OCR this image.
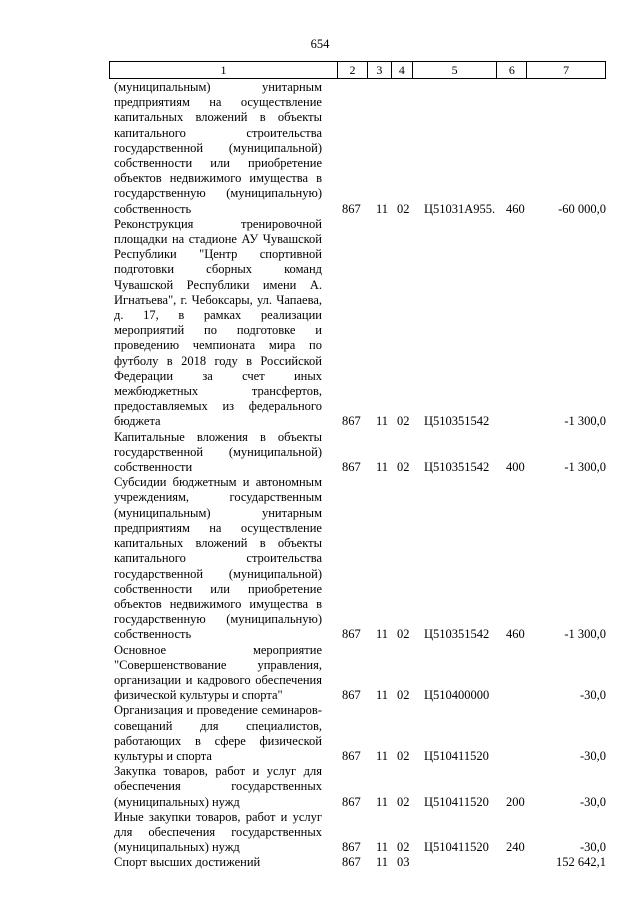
654
1	2	3	4	5	6	7
(муниципальным) унитарным предприятиям на осуществление капитальных вложений в объекты капитального строительства государственной (муниципальной) собственности или приобретение объектов недвижимого имущества в государственную (муниципальную) собственность	867 11 02 Ц51031A955. 460	-60 000,0
Реконструкция тренировочной площадки на стадионе АУ Чувашской Республики "Центр спортивной подготовки сборных команд Чувашской Республики имени А. Игнатьева", г. Чебоксары, ул. Чапаева, д. 17, в рамках реализации мероприятий по подготовке и проведению чемпионата мира по футболу в 2018 году в Российской Федерации за счет иных межбюджетных трансфертов, предоставляемых из федерального бюджета	867 11 02 Ц510351542	-1 300,0
Капитальные вложения в объекты государственной (муниципальной) собственности	867 11 02 Ц510351542 400	-1 300,0
Субсидии бюджетным и автономным учреждениям, государственным (муниципальным) унитарным предприятиям на осуществление капитальных вложений в объекты капитального строительства государственной (муниципальной) собственности или приобретение объектов недвижимого имущества в государственную (муниципальную) собственность	867 11 02 Ц510351542 460	-1 300,0
Основное мероприятие "Совершенствование управления, организации и кадрового обеспечения физической культуры и спорта"	867 11 02 Ц510400000	-30,0
Организация и проведение семинаров-совещаний для специалистов, работающих в сфере физической культуры и спорта	867 11 02 Ц510411520	-30,0
Закупка товаров, работ и услуг для обеспечения государственных (муниципальных) нужд	867 11 02 Ц510411520 200	-30,0
Иные закупки товаров, работ и услуг для обеспечения государственных (муниципальных) нужд	867 11 02 Ц510411520 240	-30,0
Спорт высших достижений	867 11 03	152 642,1
